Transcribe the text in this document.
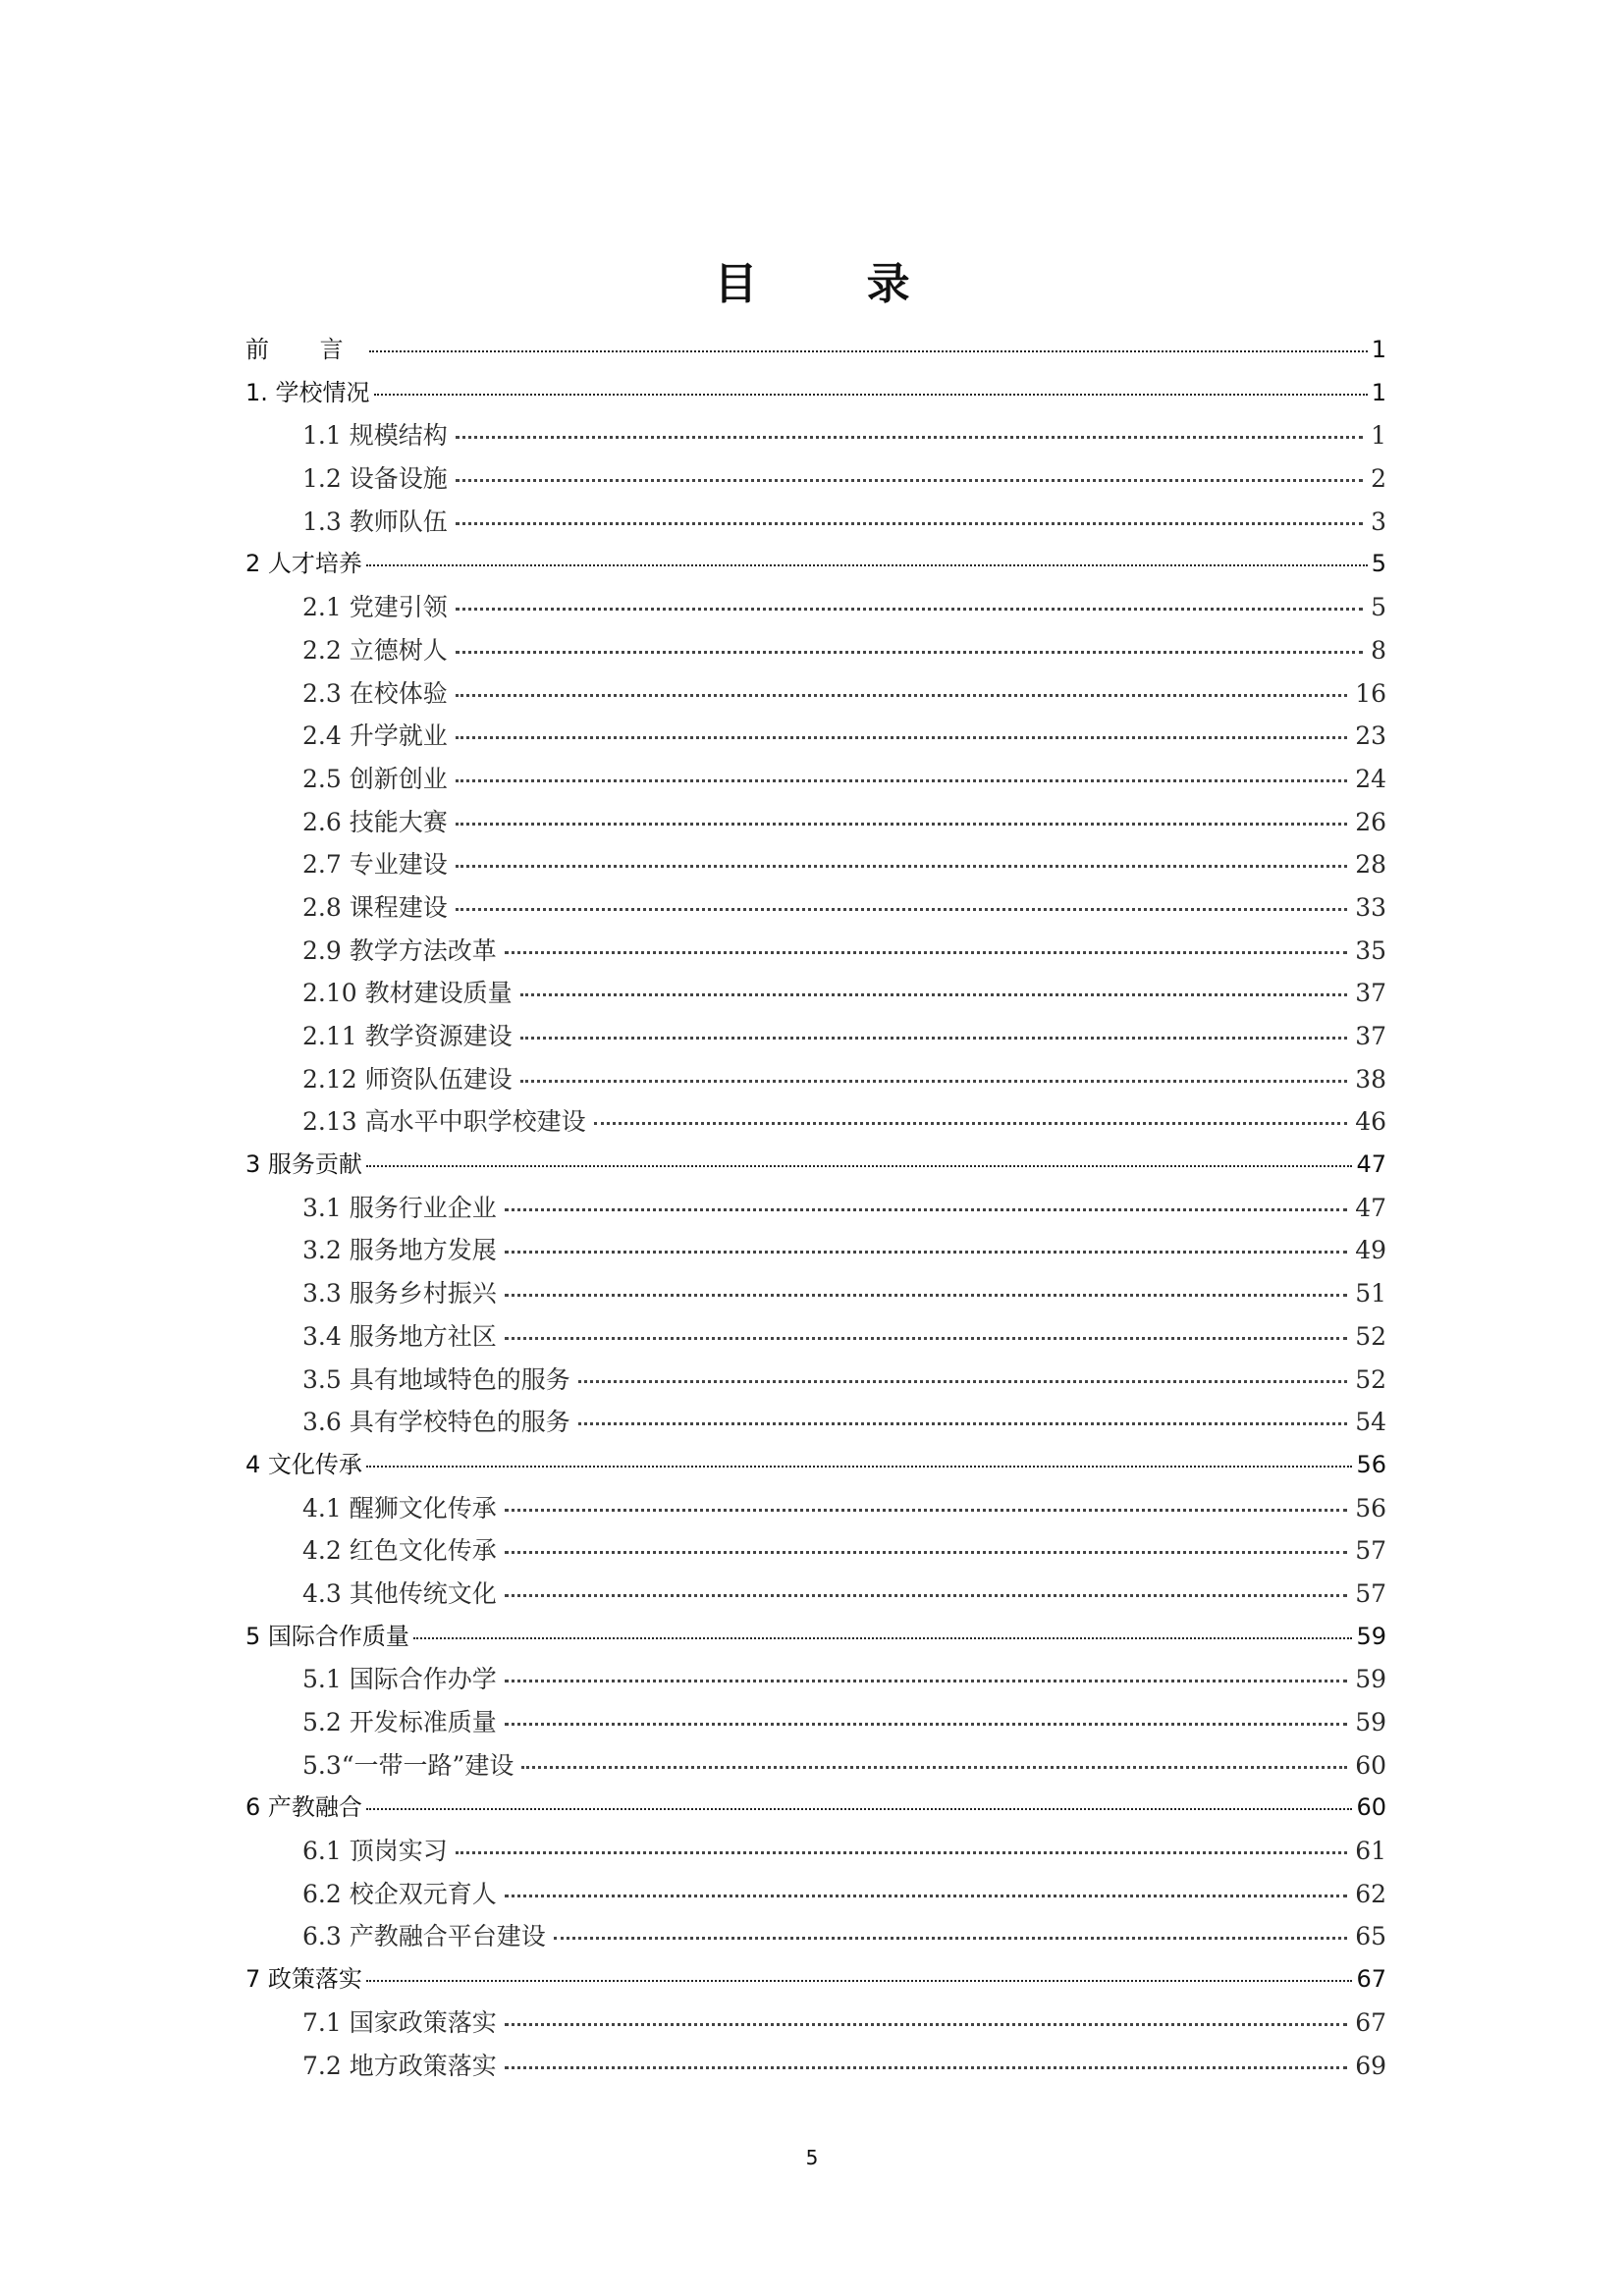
目 录
前 言	1
1. 学校情况	1
1.1 规模结构	1
1.2 设备设施	2
1.3 教师队伍	3
2 人才培养	5
2.1 党建引领	5
2.2 立德树人	8
2.3 在校体验	16
2.4 升学就业	23
2.5 创新创业	24
2.6 技能大赛	26
2.7 专业建设	28
2.8 课程建设	33
2.9 教学方法改革	35
2.10 教材建设质量	37
2.11 教学资源建设	37
2.12 师资队伍建设	38
2.13 高水平中职学校建设	46
3 服务贡献	47
3.1 服务行业企业	47
3.2 服务地方发展	49
3.3 服务乡村振兴	51
3.4 服务地方社区	52
3.5 具有地域特色的服务	52
3.6 具有学校特色的服务	54
4 文化传承	56
4.1 醒狮文化传承	56
4.2 红色文化传承	57
4.3 其他传统文化	57
5 国际合作质量	59
5.1 国际合作办学	59
5.2 开发标准质量	59
5.3“一带一路”建设	60
6 产教融合	60
6.1 顶岗实习	61
6.2 校企双元育人	62
6.3 产教融合平台建设	65
7 政策落实	67
7.1 国家政策落实	67
7.2 地方政策落实	69
5
